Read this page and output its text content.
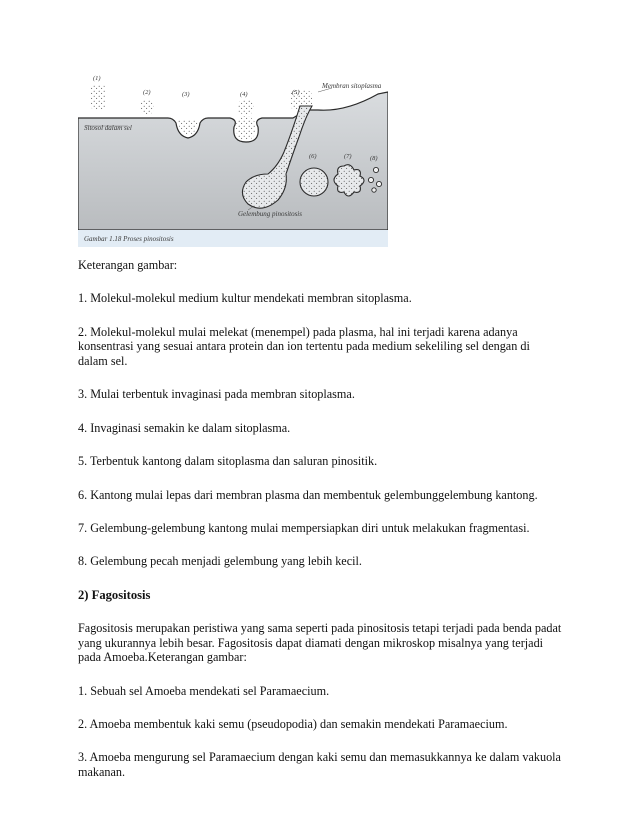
Gambar 1.18 Proses pinositosis
Membran sitoplasma
Sitosol dalam sel
Gelembung pinositosis
(1)
(2)	(3)	(4)	(5)
(6)	(7)	(8)

Keterangan gambar:

1. Molekul-molekul medium kultur mendekati membran sitoplasma.

2. Molekul-molekul mulai melekat (menempel) pada plasma, hal ini terjadi karena adanya konsentrasi yang sesuai antara protein dan ion tertentu pada medium sekeliling sel dengan di dalam sel.

3. Mulai terbentuk invaginasi pada membran sitoplasma.

4. Invaginasi semakin ke dalam sitoplasma.

5. Terbentuk kantong dalam sitoplasma dan saluran pinositik.

6. Kantong mulai lepas dari membran plasma dan membentuk gelembunggelembung kantong.

7. Gelembung-gelembung kantong mulai mempersiapkan diri untuk melakukan fragmentasi.

8. Gelembung pecah menjadi gelembung yang lebih kecil.

2) Fagositosis

Fagositosis merupakan peristiwa yang sama seperti pada pinositosis tetapi terjadi pada benda padat yang ukurannya lebih besar. Fagositosis dapat diamati dengan mikroskop misalnya yang terjadi pada Amoeba.Keterangan gambar:

1. Sebuah sel Amoeba mendekati sel Paramaecium.

2. Amoeba membentuk kaki semu (pseudopodia) dan semakin mendekati Paramaecium.

3. Amoeba mengurung sel Paramaecium dengan kaki semu dan memasukkannya ke dalam vakuola makanan.
